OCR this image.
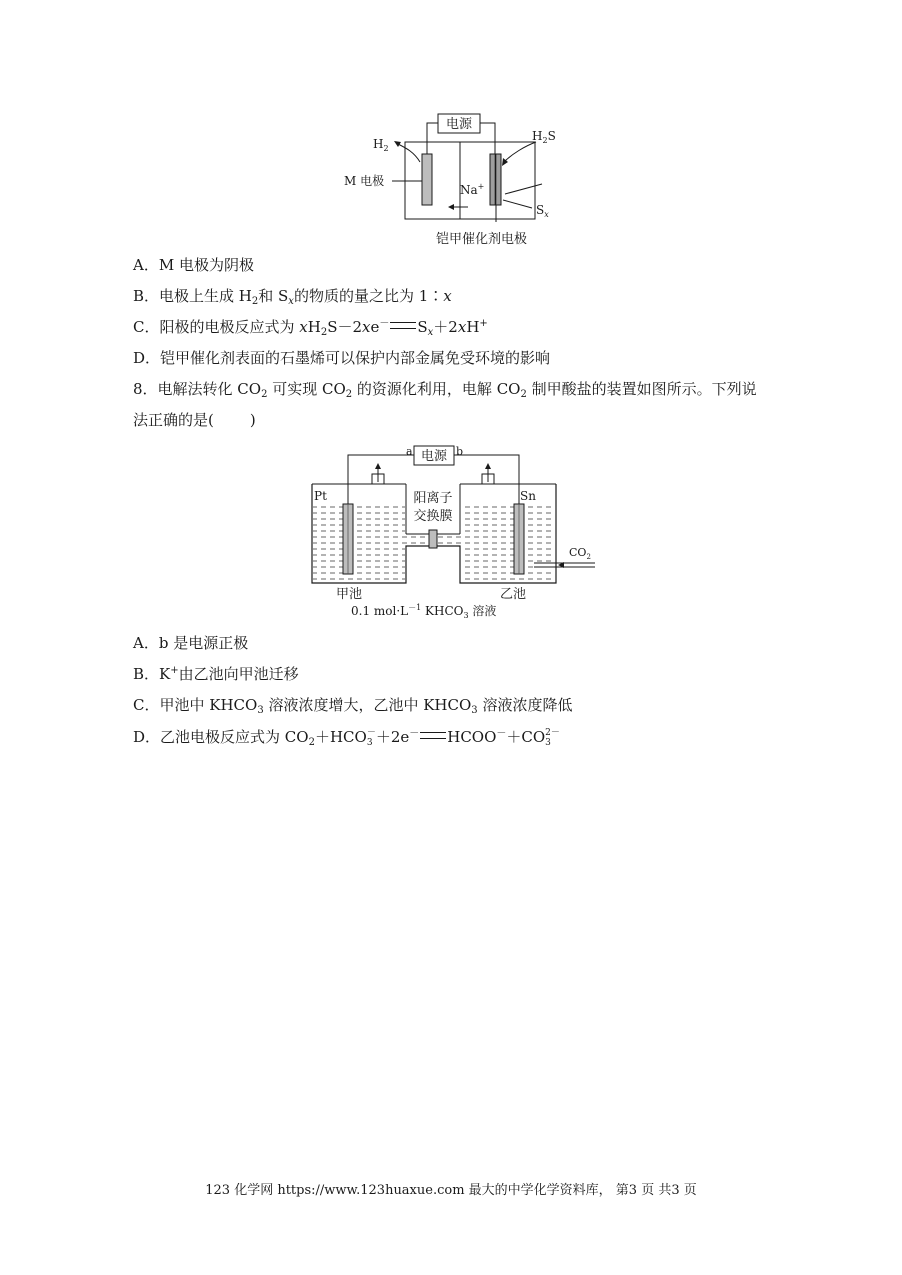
电源
$H_2$
$H_2S$
M 电极
Na+
$S_x$
铠甲催化剂电极
A．M 电极为阴极
B．电极上生成 $H_2$和 $S_x$的物质的量之比为 1∶x
C．阳极的电极反应式为 $xH_2S-2xe^-$ $S_x+2xH^+$
D．铠甲催化剂表面的石墨烯可以保护内部金属免受环境的影响
8．电解法转化 $CO_2$ 可实现 $CO_2$ 的资源化利用，电解 $CO_2$ 制甲酸盐的装置如图所示。下列说
法正确的是( )
电源
a	b
Pt	Sn
阳离子
交换膜
$CO_2$
甲池	乙池
0.1 $mol\cdot L^{-1}$ $KHCO_3$ 溶液
A．b 是电源正极
B．K+由乙池向甲池迁移
C．甲池中 $KHCO_3$ 溶液浓度增大，乙池中 $KHCO_3$ 溶液浓度降低
D．乙池电极反应式为 $CO_2+HCO$ －
3 ＋2e－ HCOO－＋CO 2－
3
123 化学网 https://www.123huaxue.com 最大的中学化学资料库， 第3 页 共3 页
